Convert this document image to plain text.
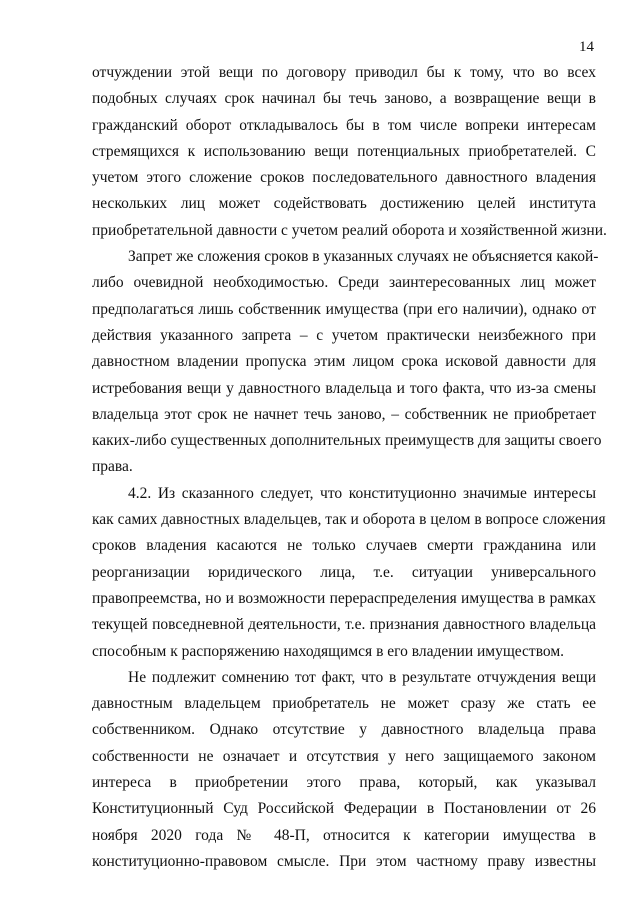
14

отчуждении этой вещи по договору приводил бы к тому, что во всех
подобных случаях срок начинал бы течь заново, а возвращение вещи в
гражданский оборот откладывалось бы в том числе вопреки интересам
стремящихся к использованию вещи потенциальных приобретателей. С
учетом этого сложение сроков последовательного давностного владения
нескольких лиц может содействовать достижению целей института
приобретательной давности с учетом реалий оборота и хозяйственной жизни.

Запрет же сложения сроков в указанных случаях не объясняется какой-
либо очевидной необходимостью. Среди заинтересованных лиц может
предполагаться лишь собственник имущества (при его наличии), однако от
действия указанного запрета – с учетом практически неизбежного при
давностном владении пропуска этим лицом срока исковой давности для
истребования вещи у давностного владельца и того факта, что из-за смены
владельца этот срок не начнет течь заново, – собственник не приобретает
каких-либо существенных дополнительных преимуществ для защиты своего
права.

4.2. Из сказанного следует, что конституционно значимые интересы
как самих давностных владельцев, так и оборота в целом в вопросе сложения
сроков владения касаются не только случаев смерти гражданина или
реорганизации юридического лица, т.е. ситуации универсального
правопреемства, но и возможности перераспределения имущества в рамках
текущей повседневной деятельности, т.е. признания давностного владельца
способным к распоряжению находящимся в его владении имуществом.

Не подлежит сомнению тот факт, что в результате отчуждения вещи
давностным владельцем приобретатель не может сразу же стать ее
собственником. Однако отсутствие у давностного владельца права
собственности не означает и отсутствия у него защищаемого законом
интереса в приобретении этого права, который, как указывал
Конституционный Суд Российской Федерации в Постановлении от 26
ноября 2020 года № 48-П, относится к категории имущества в
конституционно-правовом смысле. При этом частному праву известны
